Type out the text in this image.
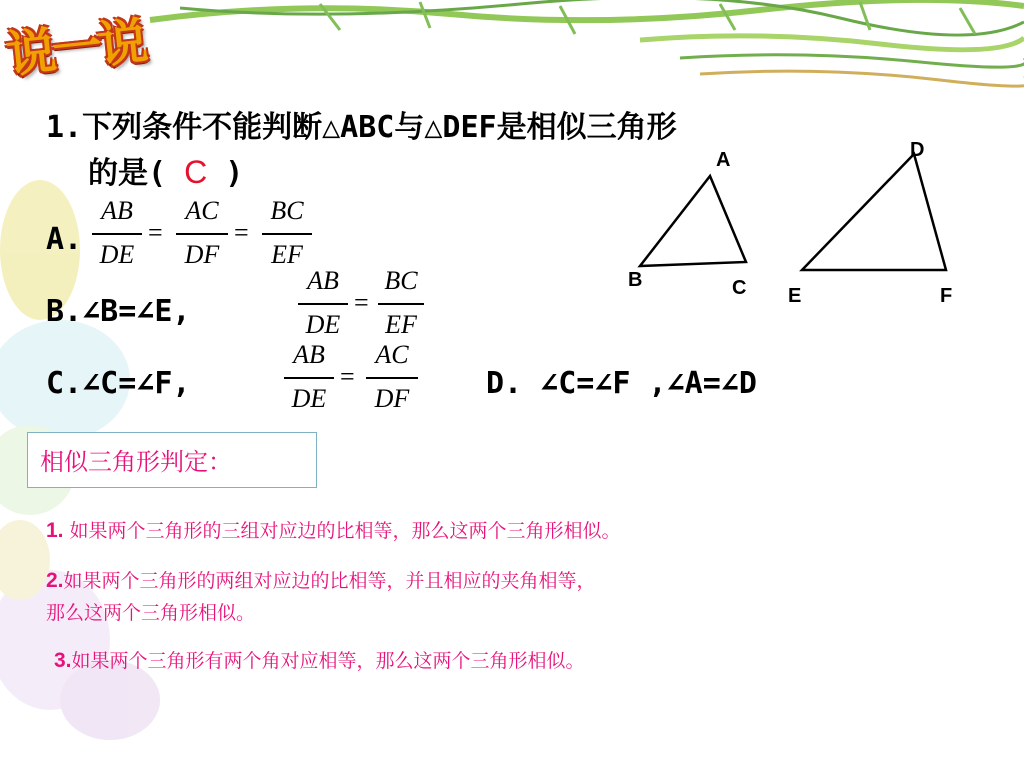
说一说
1.下列条件不能判断△ABC与△DEF是相似三角形
的是( C )
A.
AB
DE
=
AC
DF
=
BC
EF
B.∠B=∠E,
AB
DE
=
BC
EF
C.∠C=∠F,
AB
DE
=
AC
DF	D. ∠C=∠F ,∠A=∠D
A
B	C
D
E	F
相似三角形判定：
1. 如果两个三角形的三组对应边的比相等，那么这两个三角形相似。
2.如果两个三角形的两组对应边的比相等，并且相应的夹角相等，
那么这两个三角形相似。
3.如果两个三角形有两个角对应相等，那么这两个三角形相似。
